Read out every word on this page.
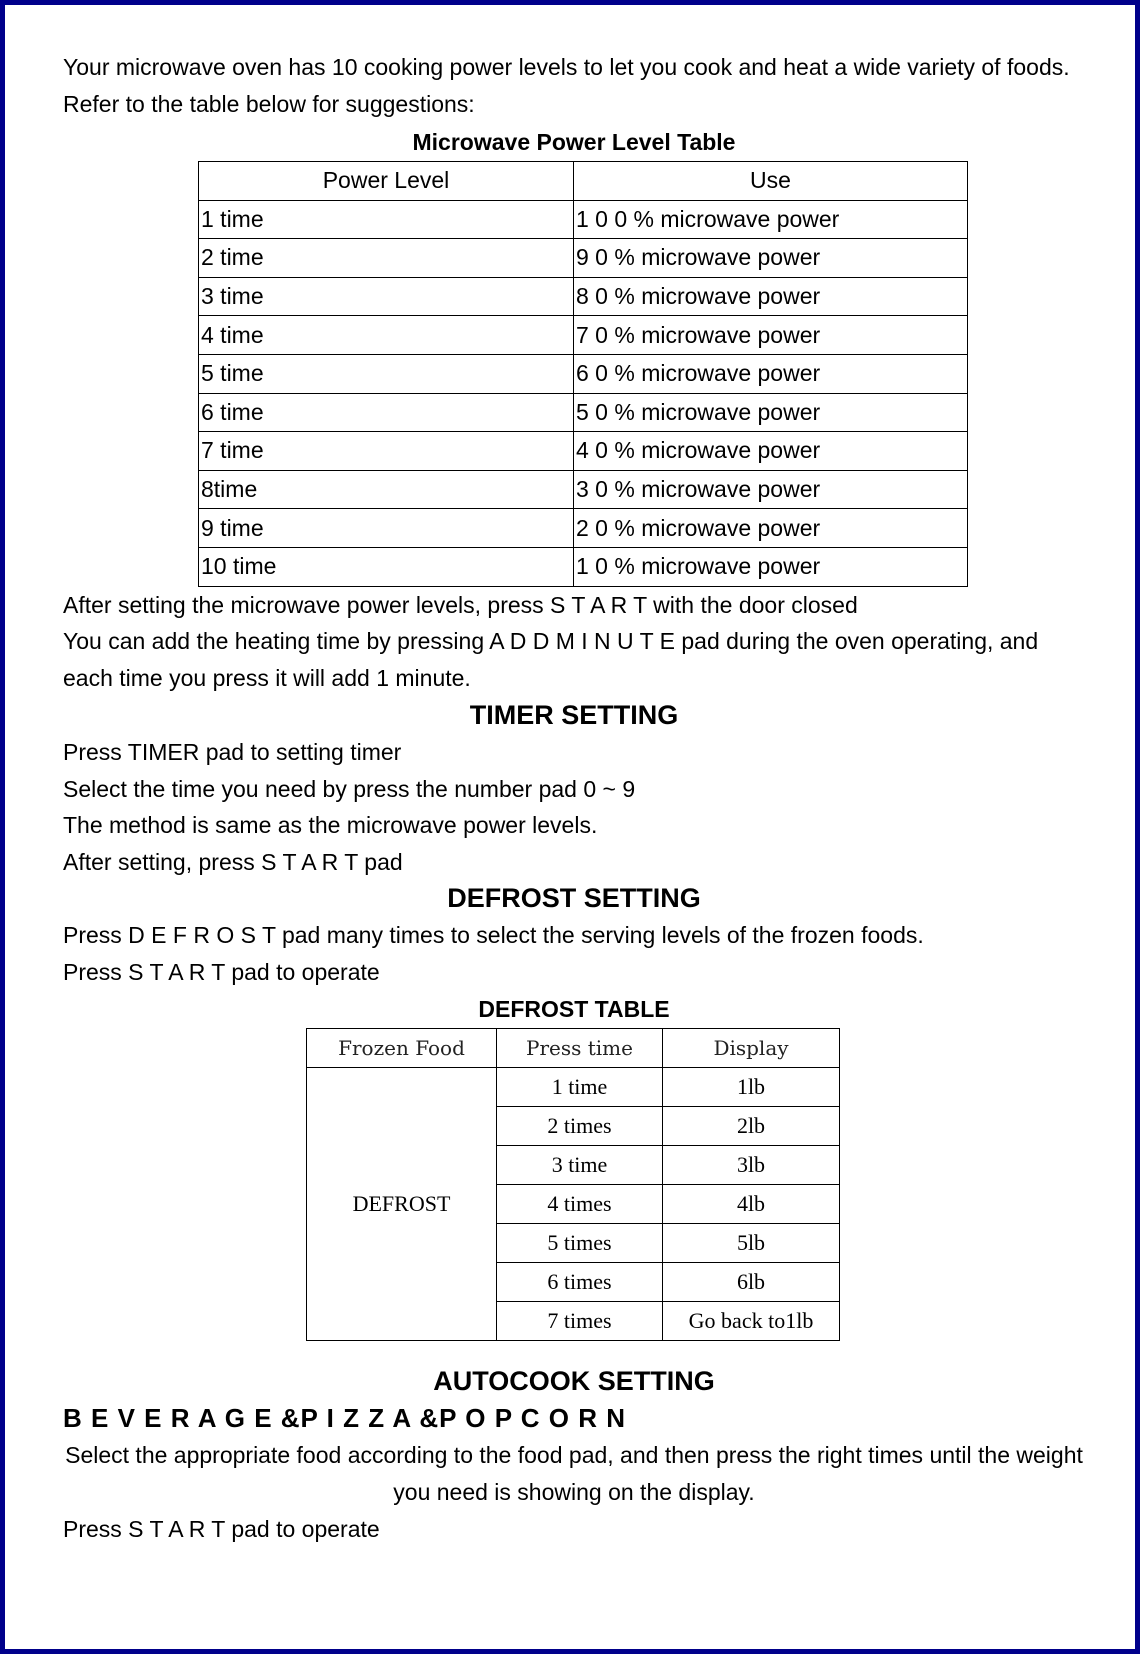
Your microwave oven has 10 cooking power levels to let you cook and heat a wide variety of foods. Refer to the table below for suggestions:

Microwave Power Level Table

Power Level	Use
1 time	1 0 0 % microwave power
2 time	9 0 % microwave power
3 time	8 0 % microwave power
4 time	7 0 % microwave power
5 time	6 0 % microwave power
6 time	5 0 % microwave power
7 time	4 0 % microwave power
8time	3 0 % microwave power
9 time	2 0 % microwave power
10 time	1 0 % microwave power

After setting the microwave power levels, press S T A R T with the door closed

You can add the heating time by pressing A D D M I N U T E pad during the oven operating, and each time you press it will add 1 minute.

TIMER SETTING

Press TIMER pad to setting timer

Select the time you need by press the number pad 0 ~ 9

The method is same as the microwave power levels.

After setting, press S T A R T pad

DEFROST SETTING

Press D E F R O S T pad many times to select the serving levels of the frozen foods.

Press S T A R T pad to operate

DEFROST TABLE

Frozen Food	Press time	Display
DEFROST	1 time	1lb
	2 times	2lb
	3 time	3lb
	4 times	4lb
	5 times	5lb
	6 times	6lb
	7 times	Go back to1lb

AUTOCOOK SETTING

B E V E R A G E &P I Z Z A &P O P C O R N

Select the appropriate food according to the food pad, and then press the right times until the weight you need is showing on the display.

Press S T A R T pad to operate
